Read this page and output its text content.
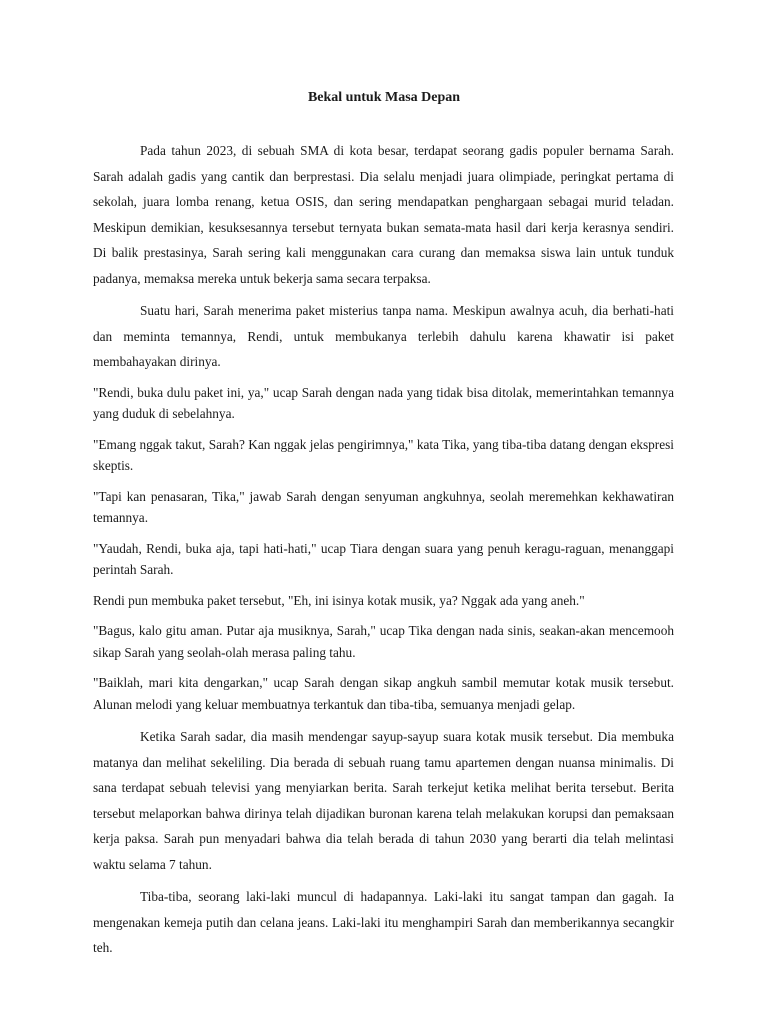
Bekal untuk Masa Depan

Pada tahun 2023, di sebuah SMA di kota besar, terdapat seorang gadis populer bernama Sarah. Sarah adalah gadis yang cantik dan berprestasi. Dia selalu menjadi juara olimpiade, peringkat pertama di sekolah, juara lomba renang, ketua OSIS, dan sering mendapatkan penghargaan sebagai murid teladan. Meskipun demikian, kesuksesannya tersebut ternyata bukan semata-mata hasil dari kerja kerasnya sendiri. Di balik prestasinya, Sarah sering kali menggunakan cara curang dan memaksa siswa lain untuk tunduk padanya, memaksa mereka untuk bekerja sama secara terpaksa.

Suatu hari, Sarah menerima paket misterius tanpa nama. Meskipun awalnya acuh, dia berhati-hati dan meminta temannya, Rendi, untuk membukanya terlebih dahulu karena khawatir isi paket membahayakan dirinya.

"Rendi, buka dulu paket ini, ya," ucap Sarah dengan nada yang tidak bisa ditolak, memerintahkan temannya yang duduk di sebelahnya.

"Emang nggak takut, Sarah? Kan nggak jelas pengirimnya," kata Tika, yang tiba-tiba datang dengan ekspresi skeptis.

"Tapi kan penasaran, Tika," jawab Sarah dengan senyuman angkuhnya, seolah meremehkan kekhawatiran temannya.

"Yaudah, Rendi, buka aja, tapi hati-hati," ucap Tiara dengan suara yang penuh keragu-raguan, menanggapi perintah Sarah.

Rendi pun membuka paket tersebut, "Eh, ini isinya kotak musik, ya? Nggak ada yang aneh."

"Bagus, kalo gitu aman. Putar aja musiknya, Sarah," ucap Tika dengan nada sinis, seakan-akan mencemooh sikap Sarah yang seolah-olah merasa paling tahu.

"Baiklah, mari kita dengarkan," ucap Sarah dengan sikap angkuh sambil memutar kotak musik tersebut. Alunan melodi yang keluar membuatnya terkantuk dan tiba-tiba, semuanya menjadi gelap.

Ketika Sarah sadar, dia masih mendengar sayup-sayup suara kotak musik tersebut. Dia membuka matanya dan melihat sekeliling. Dia berada di sebuah ruang tamu apartemen dengan nuansa minimalis. Di sana terdapat sebuah televisi yang menyiarkan berita. Sarah terkejut ketika melihat berita tersebut. Berita tersebut melaporkan bahwa dirinya telah dijadikan buronan karena telah melakukan korupsi dan pemaksaan kerja paksa. Sarah pun menyadari bahwa dia telah berada di tahun 2030 yang berarti dia telah melintasi waktu selama 7 tahun.

Tiba-tiba, seorang laki-laki muncul di hadapannya. Laki-laki itu sangat tampan dan gagah. Ia mengenakan kemeja putih dan celana jeans. Laki-laki itu menghampiri Sarah dan memberikannya secangkir teh.
